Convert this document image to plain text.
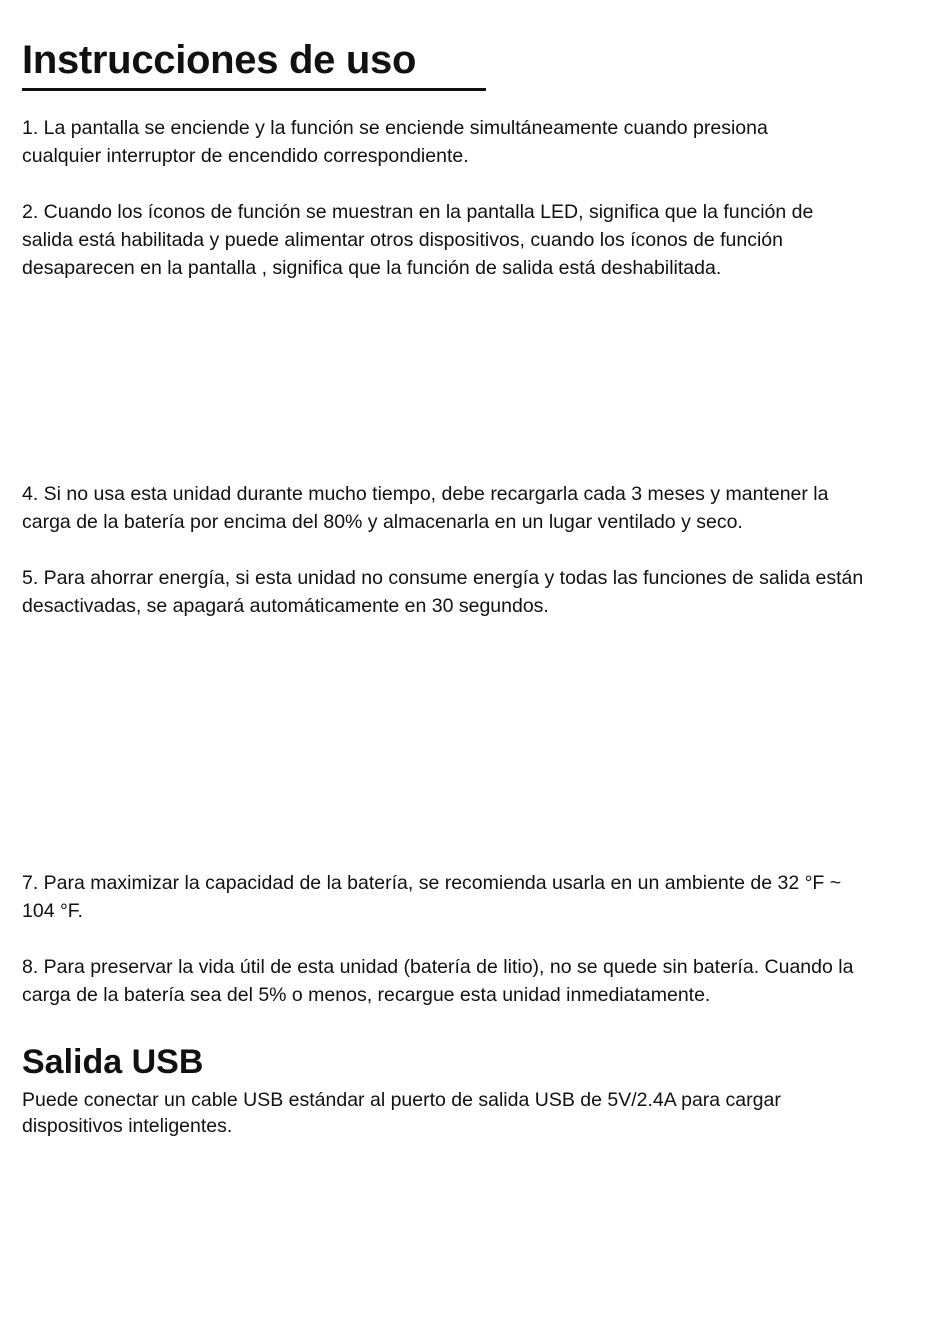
Instrucciones de uso

1. La pantalla se enciende y la función se enciende simultáneamente cuando presiona
cualquier interruptor de encendido correspondiente.

2. Cuando los íconos de función se muestran en la pantalla LED, significa que la función de
salida está habilitada y puede alimentar otros dispositivos, cuando los íconos de función
desaparecen en la pantalla , significa que la función de salida está deshabilitada.

4. Si no usa esta unidad durante mucho tiempo, debe recargarla cada 3 meses y mantener la
carga de la batería por encima del 80% y almacenarla en un lugar ventilado y seco.

5. Para ahorrar energía, si esta unidad no consume energía y todas las funciones de salida están
desactivadas, se apagará automáticamente en 30 segundos.

7. Para maximizar la capacidad de la batería, se recomienda usarla en un ambiente de 32 °F ~
104 °F.

8. Para preservar la vida útil de esta unidad (batería de litio), no se quede sin batería. Cuando la
carga de la batería sea del 5% o menos, recargue esta unidad inmediatamente.

Salida USB

Puede conectar un cable USB estándar al puerto de salida USB de 5V/2.4A para cargar
dispositivos inteligentes.
